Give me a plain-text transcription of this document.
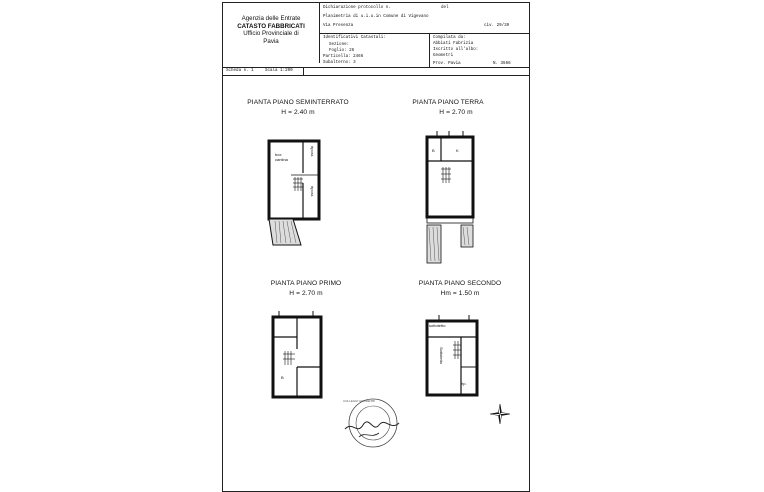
Agenzia delle Entrate
CATASTO FABBRICATI
Ufficio Provinciale di
Pavia
Dichiarazione protocollo n.	del
Planimetria di u.i.u.in Comune di Vigevano
Via Presenza	civ. 29/39
Identificativi Catastali:
Sezione:
Foglio: 26
Particella: 2466
Subalterno: 3
Compilata da:
Abbiati Fabrizia
Iscritto all'albo:
Geometri
Prov. Pavia	N. 3566
Scheda n. 1	Scala 1:200
PIANTA PIANO SEMINTERRATO
H = 2.40 m
PIANTA PIANO TERRA
H = 2.70 m
PIANTA PIANO PRIMO
H = 2.70 m
PIANTA PIANO SECONDO
Hm = 1.50 m
box
cantina
ripost.
ripost.
B	K
B
sottotetto
Sottotetto
rip.
COLLEGIO GEOMETRI
